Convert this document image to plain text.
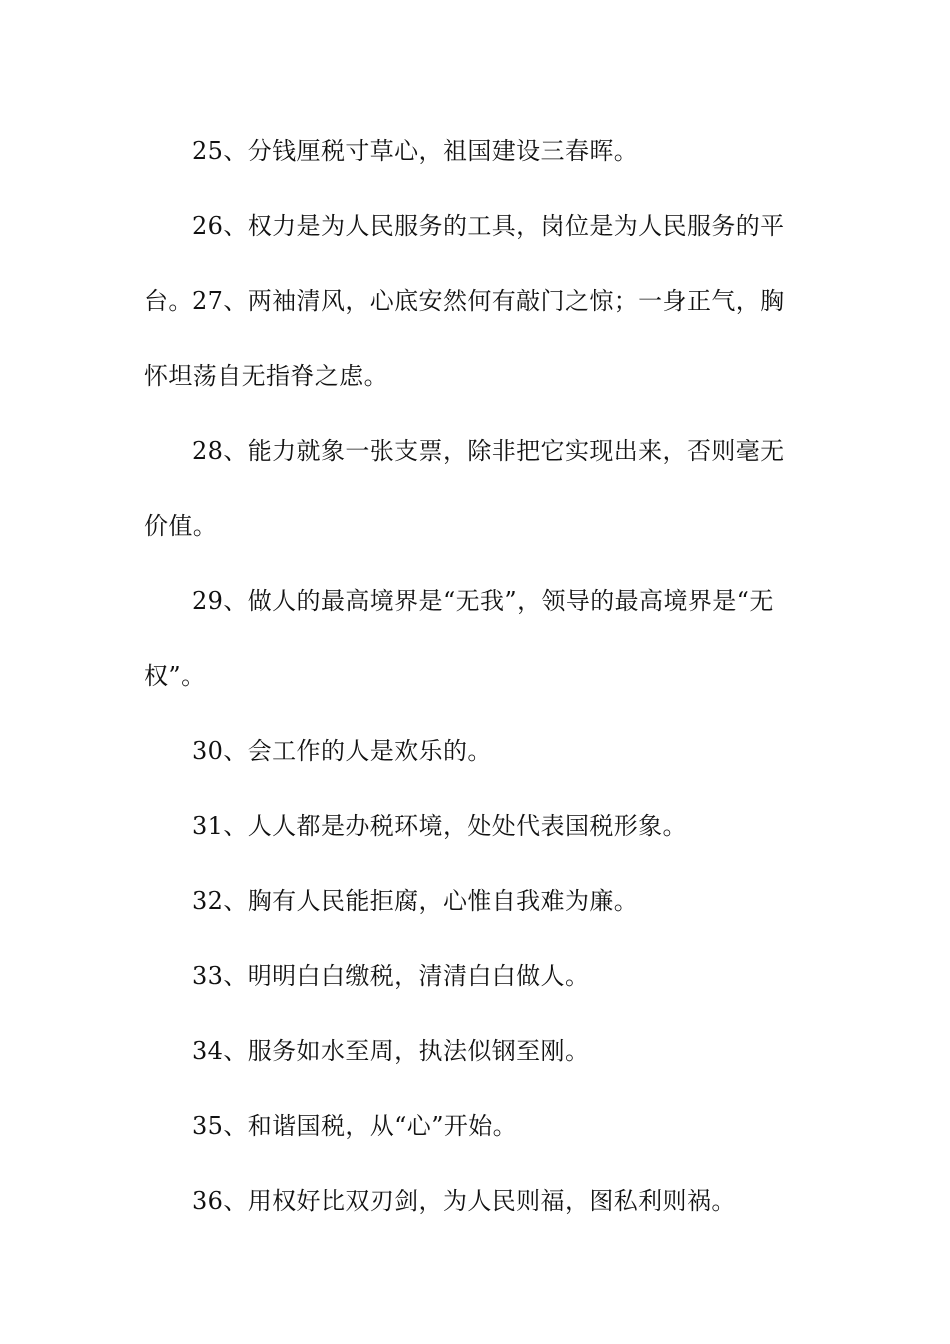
25、分钱厘税寸草心，祖国建设三春晖。

26、权力是为人民服务的工具，岗位是为人民服务的平台。 27、两袖清风，心底安然何有敲门之惊；一身正气，胸怀坦荡自无指脊之虑。

28、能力就象一张支票，除非把它实现出来，否则毫无价值。

29、做人的最高境界是“无我”，领导的最高境界是“无权”。

30、会工作的人是欢乐的。

31、人人都是办税环境，处处代表国税形象。

32、胸有人民能拒腐，心惟自我难为廉。

33、明明白白缴税，清清白白做人。

34、服务如水至周，执法似钢至刚。

35、和谐国税，从“心”开始。

36、用权好比双刃剑，为人民则福，图私利则祸。
